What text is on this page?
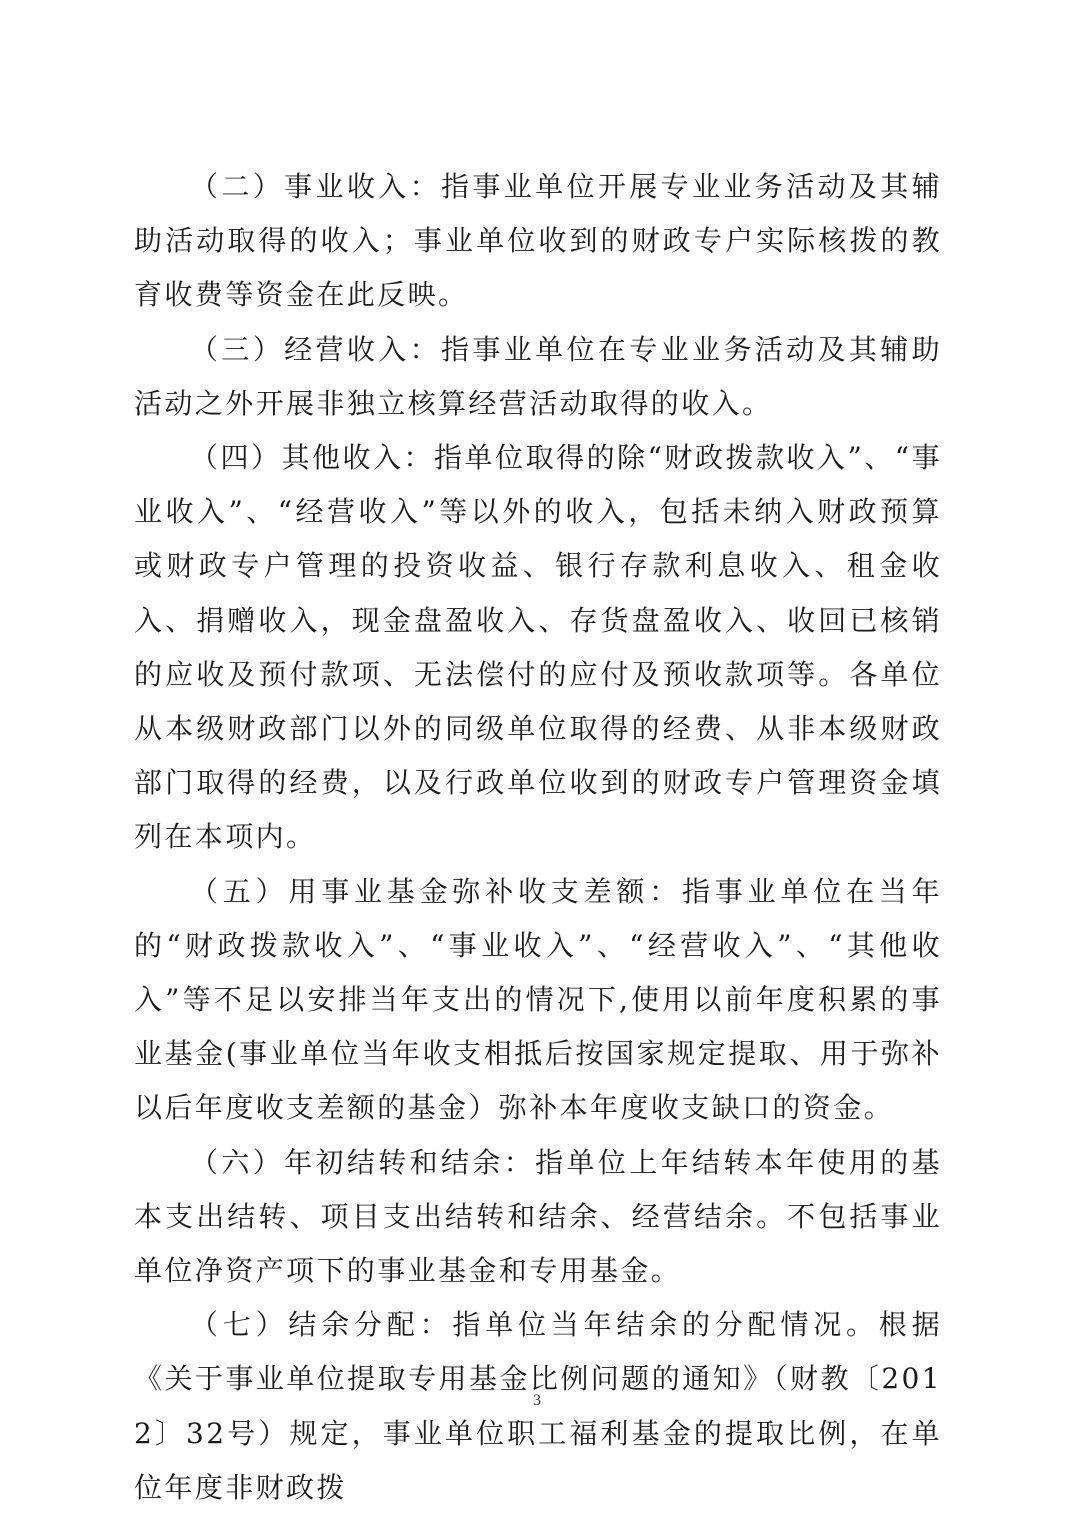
（二）事业收入：指事业单位开展专业业务活动及其辅助活动取得的收入；事业单位收到的财政专户实际核拨的教育收费等资金在此反映。

（三）经营收入：指事业单位在专业业务活动及其辅助活动之外开展非独立核算经营活动取得的收入。

（四）其他收入：指单位取得的除“财政拨款收入”、“事业收入”、“经营收入”等以外的收入，包括未纳入财政预算或财政专户管理的投资收益、银行存款利息收入、租金收入、捐赠收入，现金盘盈收入、存货盘盈收入、收回已核销的应收及预付款项、无法偿付的应付及预收款项等。各单位从本级财政部门以外的同级单位取得的经费、从非本级财政部门取得的经费，以及行政单位收到的财政专户管理资金填列在本项内。

（五）用事业基金弥补收支差额：指事业单位在当年的“财政拨款收入”、“事业收入”、“经营收入”、“其他收入”等不足以安排当年支出的情况下,使用以前年度积累的事业基金(事业单位当年收支相抵后按国家规定提取、用于弥补以后年度收支差额的基金）弥补本年度收支缺口的资金。

（六）年初结转和结余：指单位上年结转本年使用的基本支出结转、项目支出结转和结余、经营结余。不包括事业单位净资产项下的事业基金和专用基金。

（七）结余分配：指单位当年结余的分配情况。根据《关于事业单位提取专用基金比例问题的通知》（财教〔2012〕32号）规定，事业单位职工福利基金的提取比例，在单位年度非财政拨

3
